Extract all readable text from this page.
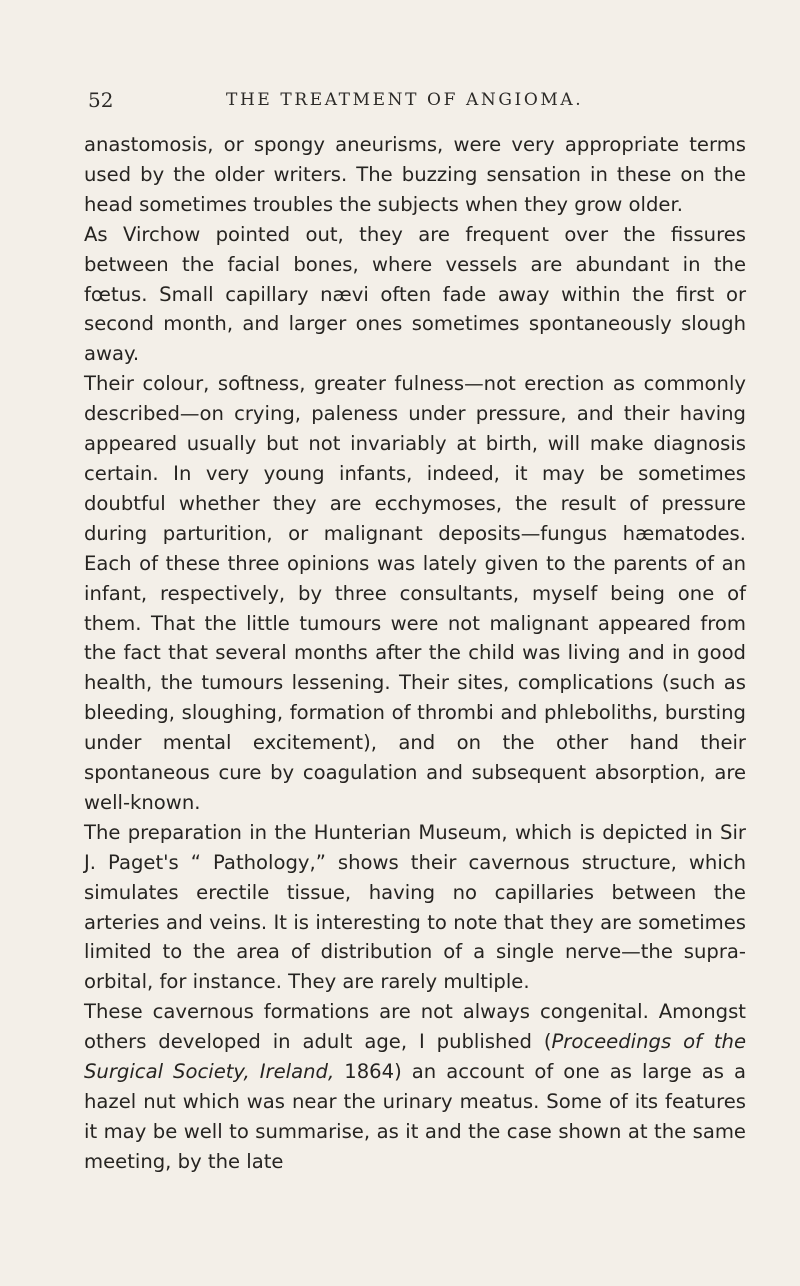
52	THE TREATMENT OF ANGIOMA.

anastomosis, or spongy aneurisms, were very appropriate terms used by the older writers. The buzzing sensation in these on the head sometimes troubles the subjects when they grow older.

As Virchow pointed out, they are frequent over the fissures between the facial bones, where vessels are abundant in the fœtus. Small capillary nævi often fade away within the first or second month, and larger ones sometimes spontaneously slough away.

Their colour, softness, greater fulness—not erection as commonly described—on crying, paleness under pressure, and their having appeared usually but not invariably at birth, will make diagnosis certain. In very young infants, indeed, it may be sometimes doubtful whether they are ecchymoses, the result of pressure during parturition, or malignant deposits—fungus hæmatodes. Each of these three opinions was lately given to the parents of an infant, respectively, by three consultants, myself being one of them. That the little tumours were not malignant appeared from the fact that several months after the child was living and in good health, the tumours lessening. Their sites, complications (such as bleeding, sloughing, formation of thrombi and phleboliths, bursting under mental excitement), and on the other hand their spontaneous cure by coagulation and subsequent absorption, are well-known.

The preparation in the Hunterian Museum, which is depicted in Sir J. Paget's “ Pathology,” shows their cavernous structure, which simulates erectile tissue, having no capillaries between the arteries and veins. It is interesting to note that they are sometimes limited to the area of distribution of a single nerve—the supra-orbital, for instance. They are rarely multiple.

These cavernous formations are not always congenital. Amongst others developed in adult age, I published (Proceedings of the Surgical Society, Ireland, 1864) an account of one as large as a hazel nut which was near the urinary meatus. Some of its features it may be well to summarise, as it and the case shown at the same meeting, by the late
